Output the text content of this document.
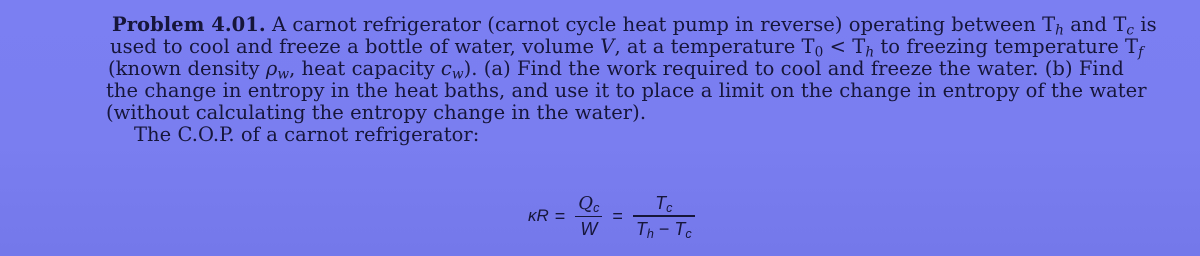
Problem 4.01. A carnot refrigerator (carnot cycle heat pump in reverse) operating between $T_h$ and $T_c$ is
used to cool and freeze a bottle of water, volume V, at a temperature $T_0 < T_h$ to freezing temperature $T_f$
(known density $\rho_w$, heat capacity $c_w$). (a) Find the work required to cool and freeze the water. (b) Find
the change in entropy in the heat baths, and use it to place a limit on the change in entropy of the water
(without calculating the entropy change in the water).
The C.O.P. of a carnot refrigerator:
$\kappa R = \frac{Q_c}{W} = \frac{T_c}{T_h - T_c}$
